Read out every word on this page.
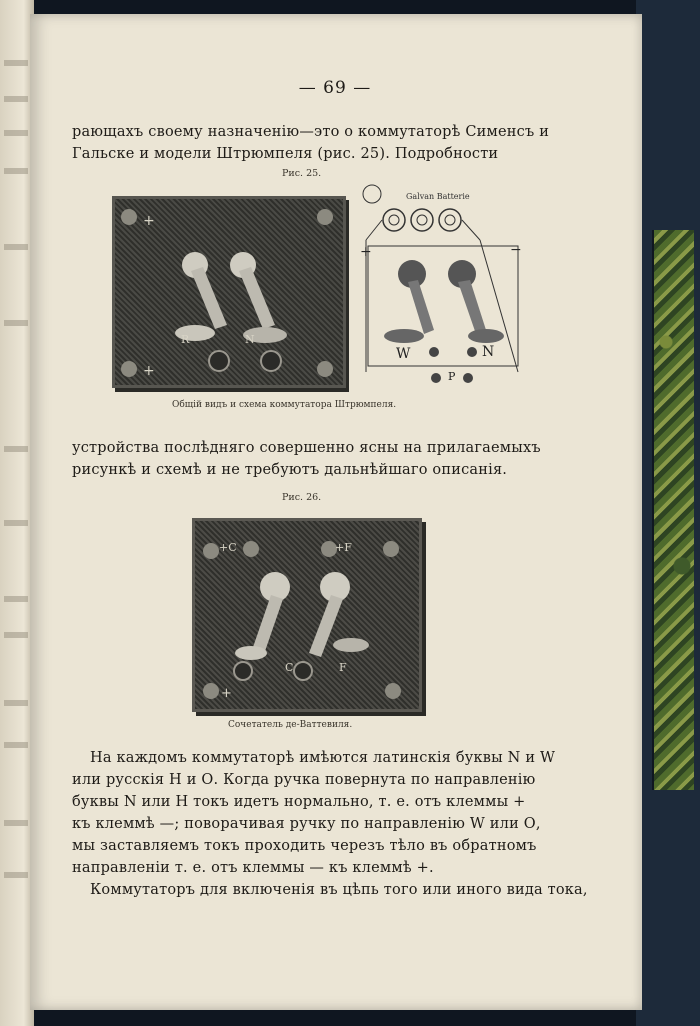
— 69 —
рающахъ своему назначенію—это о коммутаторѣ Сименсъ и
Гальске и модели Штрюмпеля (рис. 25). Подробности
Рис. 25.
+
+
R	N
Galvan Batterie
W	N
P
+	−
Общій видъ и схема коммутатора Штрюмпеля.
устройства послѣдняго совершенно ясны на прилагаемыхъ
рисункѣ и схемѣ и не требуютъ дальнѣйшаго описанія.
Рис. 26.
+
+C	+F
C	F
Сочетатель де-Ваттевиля.
На каждомъ коммутаторѣ имѣются латинскія буквы N и W
или русскія Н и О. Когда ручка повернута по направленію
буквы N или Н токъ идетъ нормально, т. е. отъ клеммы +
къ клеммѣ —; поворачивая ручку по направленію W или О,
мы заставляемъ токъ проходить черезъ тѣло въ обратномъ
направленіи т. е. отъ клеммы — къ клеммѣ +.
Коммутаторъ для включенія въ цѣпь того или иного вида тока,
